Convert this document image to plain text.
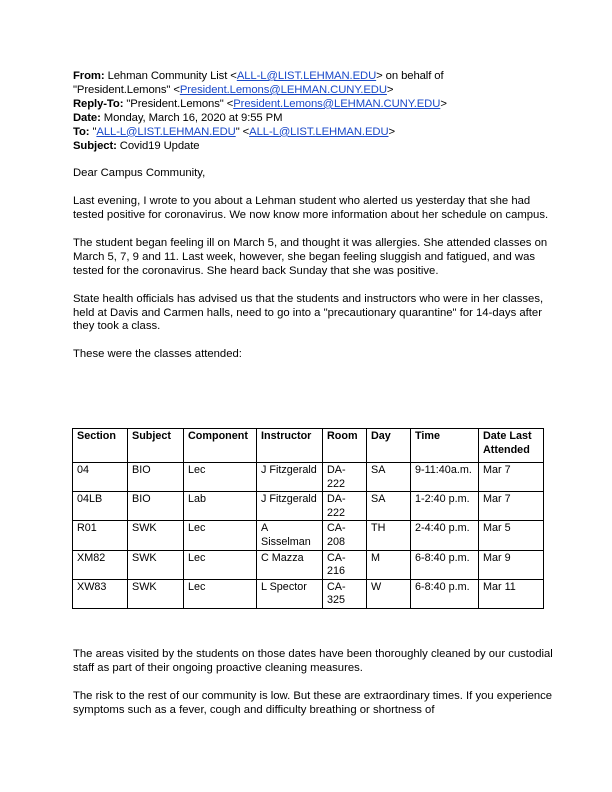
From: Lehman Community List <ALL-L@LIST.LEHMAN.EDU> on behalf of
"President.Lemons" <President.Lemons@LEHMAN.CUNY.EDU>
Reply-To: "President.Lemons" <President.Lemons@LEHMAN.CUNY.EDU>
Date: Monday, March 16, 2020 at 9:55 PM
To: "ALL-L@LIST.LEHMAN.EDU" <ALL-L@LIST.LEHMAN.EDU>
Subject: Covid19 Update

Dear Campus Community,

Last evening, I wrote to you about a Lehman student who alerted us yesterday that she had tested positive for coronavirus. We now know more information about her schedule on campus.

The student began feeling ill on March 5, and thought it was allergies. She attended classes on March 5, 7, 9 and 11. Last week, however, she began feeling sluggish and fatigued, and was tested for the coronavirus. She heard back Sunday that she was positive.

State health officials has advised us that the students and instructors who were in her classes, held at Davis and Carmen halls, need to go into a "precautionary quarantine" for 14-days after they took a class.

These were the classes attended:

Section	Subject	Component	Instructor	Room	Day	Time	Date Last Attended
04	BIO	Lec	J Fitzgerald	DA-222	SA	9-11:40a.m.	Mar 7
04LB	BIO	Lab	J Fitzgerald	DA-222	SA	1-2:40 p.m.	Mar 7
R01	SWK	Lec	A Sisselman	CA-208	TH	2-4:40 p.m.	Mar 5
XM82	SWK	Lec	C Mazza	CA-216	M	6-8:40 p.m.	Mar 9
XW83	SWK	Lec	L Spector	CA-325	W	6-8:40 p.m.	Mar 11

The areas visited by the students on those dates have been thoroughly cleaned by our custodial staff as part of their ongoing proactive cleaning measures.

The risk to the rest of our community is low. But these are extraordinary times. If you experience symptoms such as a fever, cough and difficulty breathing or shortness of
